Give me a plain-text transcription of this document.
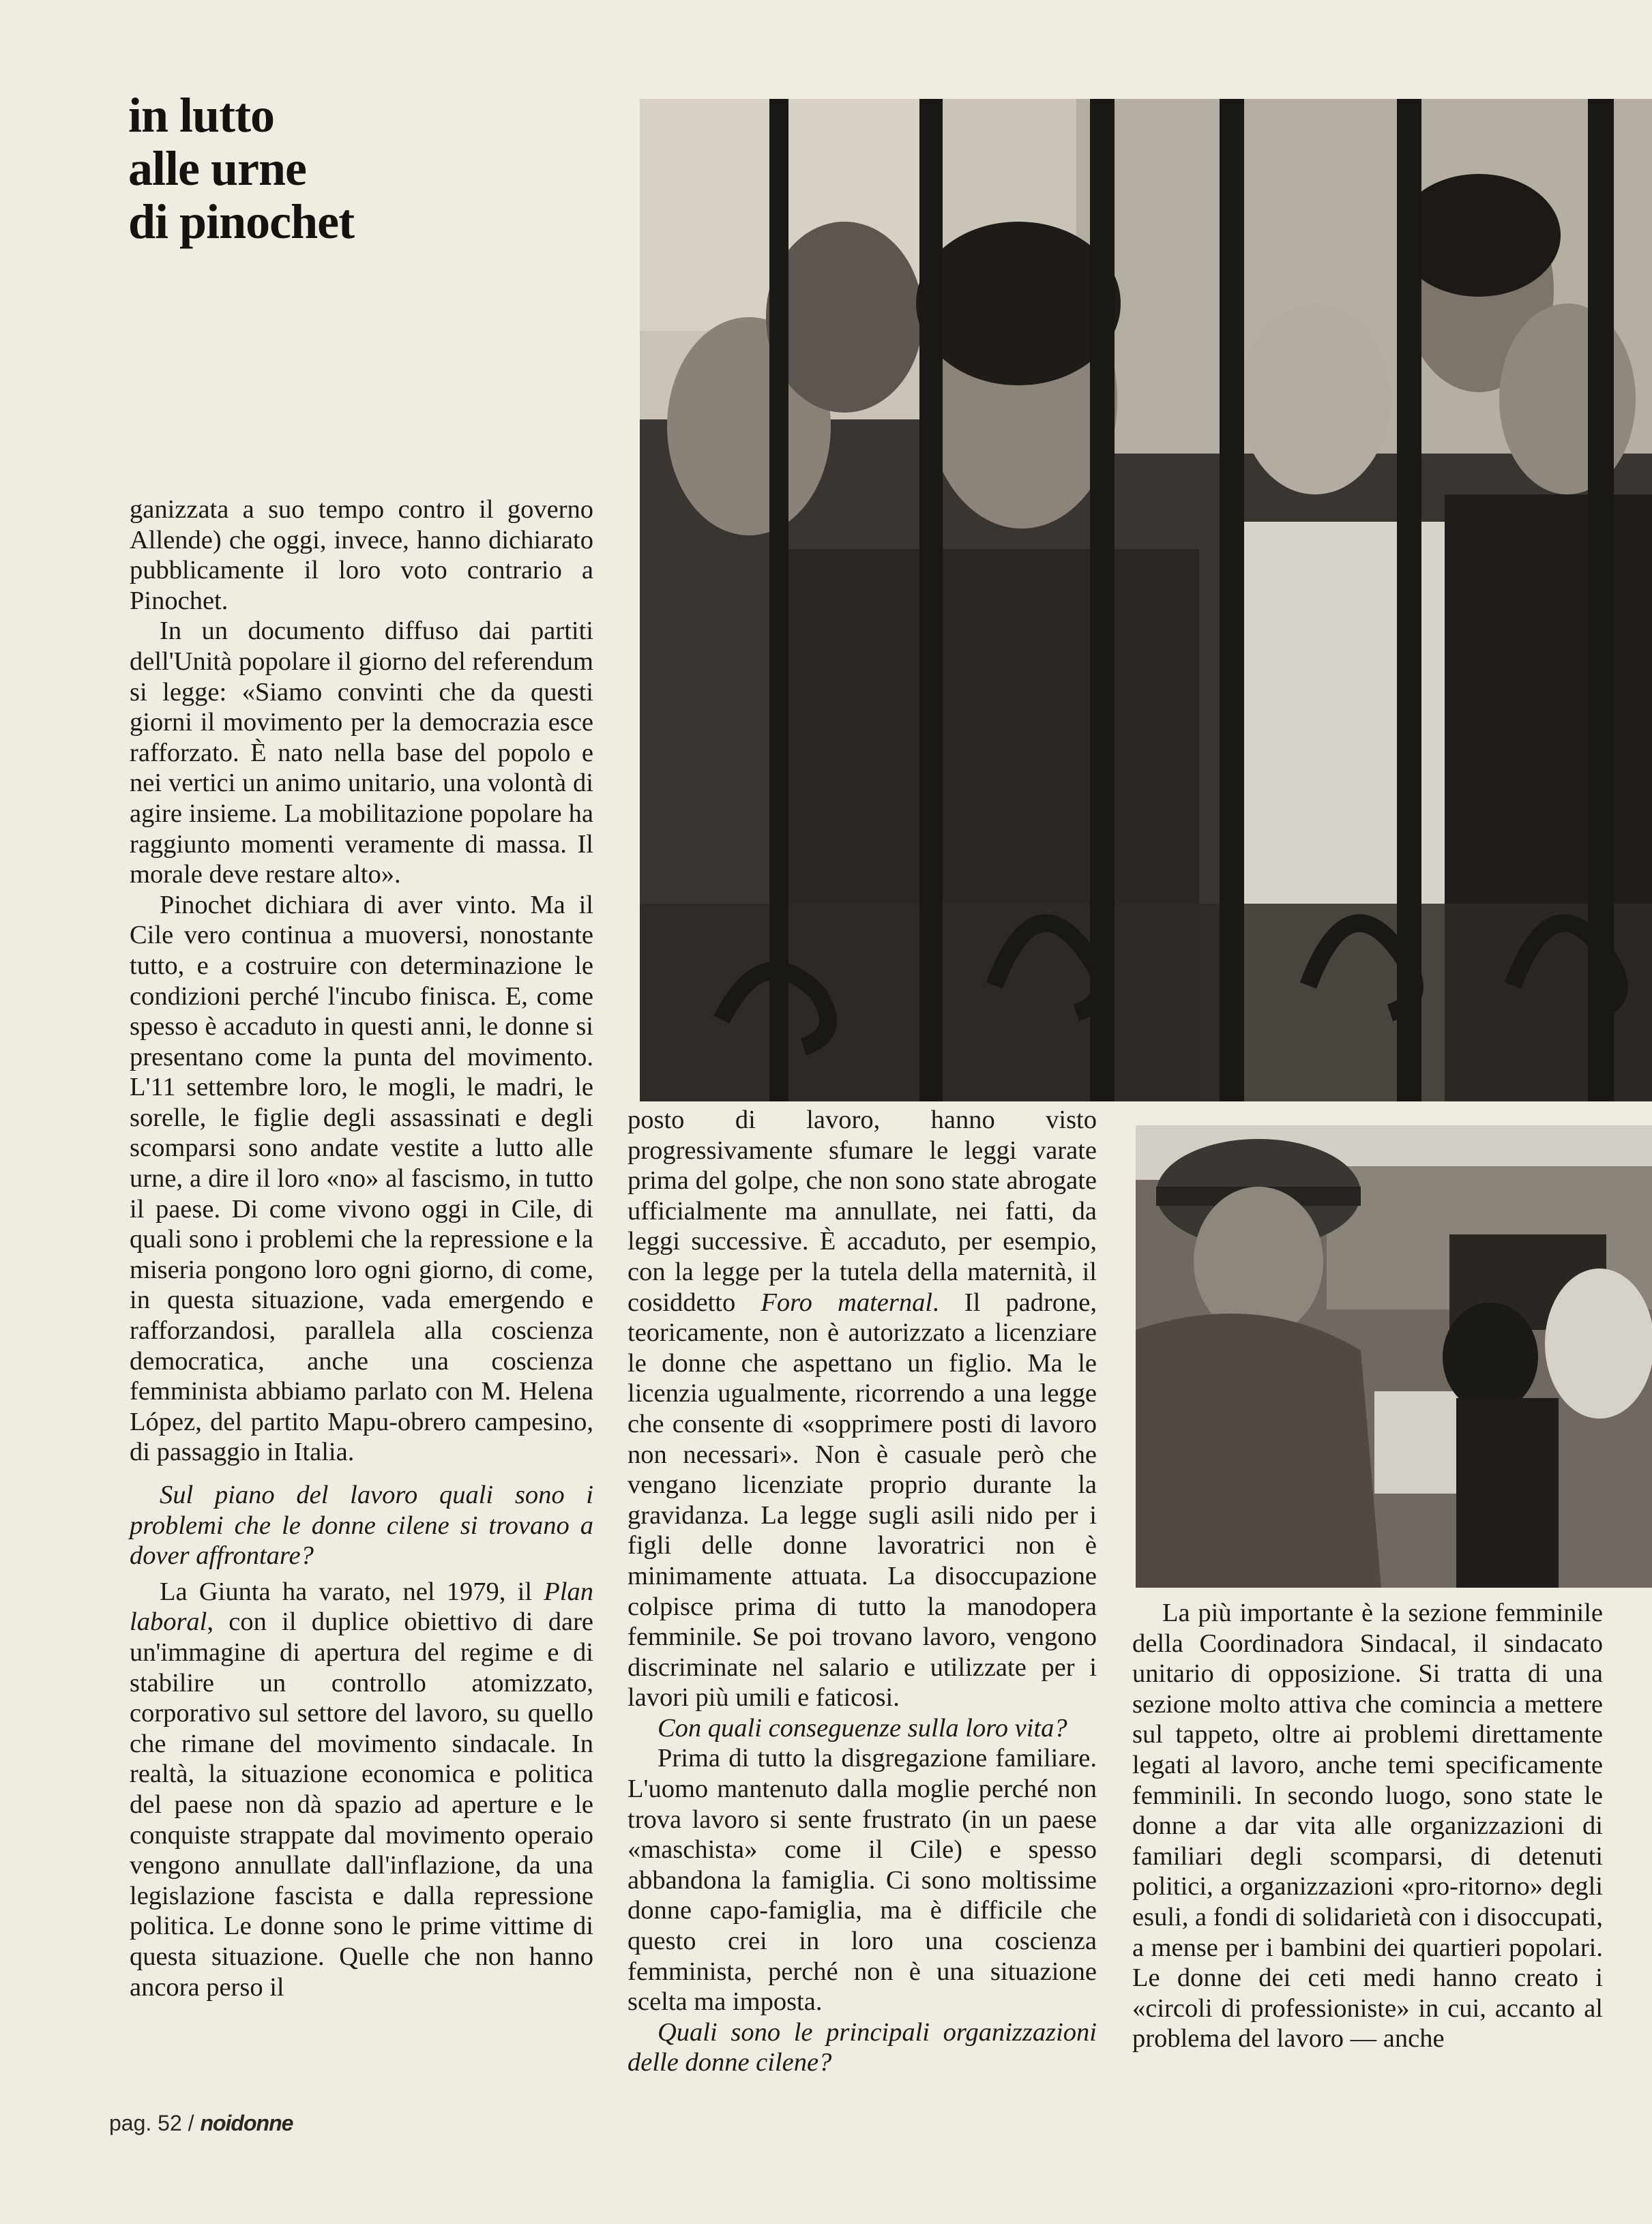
in lutto
alle urne
di pinochet

ganizzata a suo tempo contro il governo Allende) che oggi, invece, hanno dichiarato pubblicamente il loro voto contrario a Pinochet.

In un documento diffuso dai partiti dell'Unità popolare il giorno del referendum si legge: «Siamo convinti che da questi giorni il movimento per la democrazia esce rafforzato. È nato nella base del popolo e nei vertici un animo unitario, una volontà di agire insieme. La mobilitazione popolare ha raggiunto momenti veramente di massa. Il morale deve restare alto».

Pinochet dichiara di aver vinto. Ma il Cile vero continua a muoversi, nonostante tutto, e a costruire con determinazione le condizioni perché l'incubo finisca. E, come spesso è accaduto in questi anni, le donne si presentano come la punta del movimento. L'11 settembre loro, le mogli, le madri, le sorelle, le figlie degli assassinati e degli scomparsi sono andate vestite a lutto alle urne, a dire il loro «no» al fascismo, in tutto il paese. Di come vivono oggi in Cile, di quali sono i problemi che la repressione e la miseria pongono loro ogni giorno, di come, in questa situazione, vada emergendo e rafforzandosi, parallela alla coscienza democratica, anche una coscienza femminista abbiamo parlato con M. Helena López, del partito Mapu-obrero campesino, di passaggio in Italia.

Sul piano del lavoro quali sono i problemi che le donne cilene si trovano a dover affrontare?

La Giunta ha varato, nel 1979, il Plan laboral, con il duplice obiettivo di dare un'immagine di apertura del regime e di stabilire un controllo atomizzato, corporativo sul settore del lavoro, su quello che rimane del movimento sindacale. In realtà, la situazione economica e politica del paese non dà spazio ad aperture e le conquiste strappate dal movimento operaio vengono annullate dall'inflazione, da una legislazione fascista e dalla repressione politica. Le donne sono le prime vittime di questa situazione. Quelle che non hanno ancora perso il

posto di lavoro, hanno visto progressivamente sfumare le leggi varate prima del golpe, che non sono state abrogate ufficialmente ma annullate, nei fatti, da leggi successive. È accaduto, per esempio, con la legge per la tutela della maternità, il cosiddetto Foro maternal. Il padrone, teoricamente, non è autorizzato a licenziare le donne che aspettano un figlio. Ma le licenzia ugualmente, ricorrendo a una legge che consente di «sopprimere posti di lavoro non necessari». Non è casuale però che vengano licenziate proprio durante la gravidanza. La legge sugli asili nido per i figli delle donne lavoratrici non è minimamente attuata. La disoccupazione colpisce prima di tutto la manodopera femminile. Se poi trovano lavoro, vengono discriminate nel salario e utilizzate per i lavori più umili e faticosi.

Con quali conseguenze sulla loro vita?

Prima di tutto la disgregazione familiare. L'uomo mantenuto dalla moglie perché non trova lavoro si sente frustrato (in un paese «maschista» come il Cile) e spesso abbandona la famiglia. Ci sono moltissime donne capo-famiglia, ma è difficile che questo crei in loro una coscienza femminista, perché non è una situazione scelta ma imposta.

Quali sono le principali organizzazioni delle donne cilene?

La più importante è la sezione femminile della Coordinadora Sindacal, il sindacato unitario di opposizione. Si tratta di una sezione molto attiva che comincia a mettere sul tappeto, oltre ai problemi direttamente legati al lavoro, anche temi specificamente femminili. In secondo luogo, sono state le donne a dar vita alle organizzazioni di familiari degli scomparsi, di detenuti politici, a organizzazioni «pro-ritorno» degli esuli, a fondi di solidarietà con i disoccupati, a mense per i bambini dei quartieri popolari. Le donne dei ceti medi hanno creato i «circoli di professioniste» in cui, accanto al problema del lavoro — anche

pag. 52 / noidonne
